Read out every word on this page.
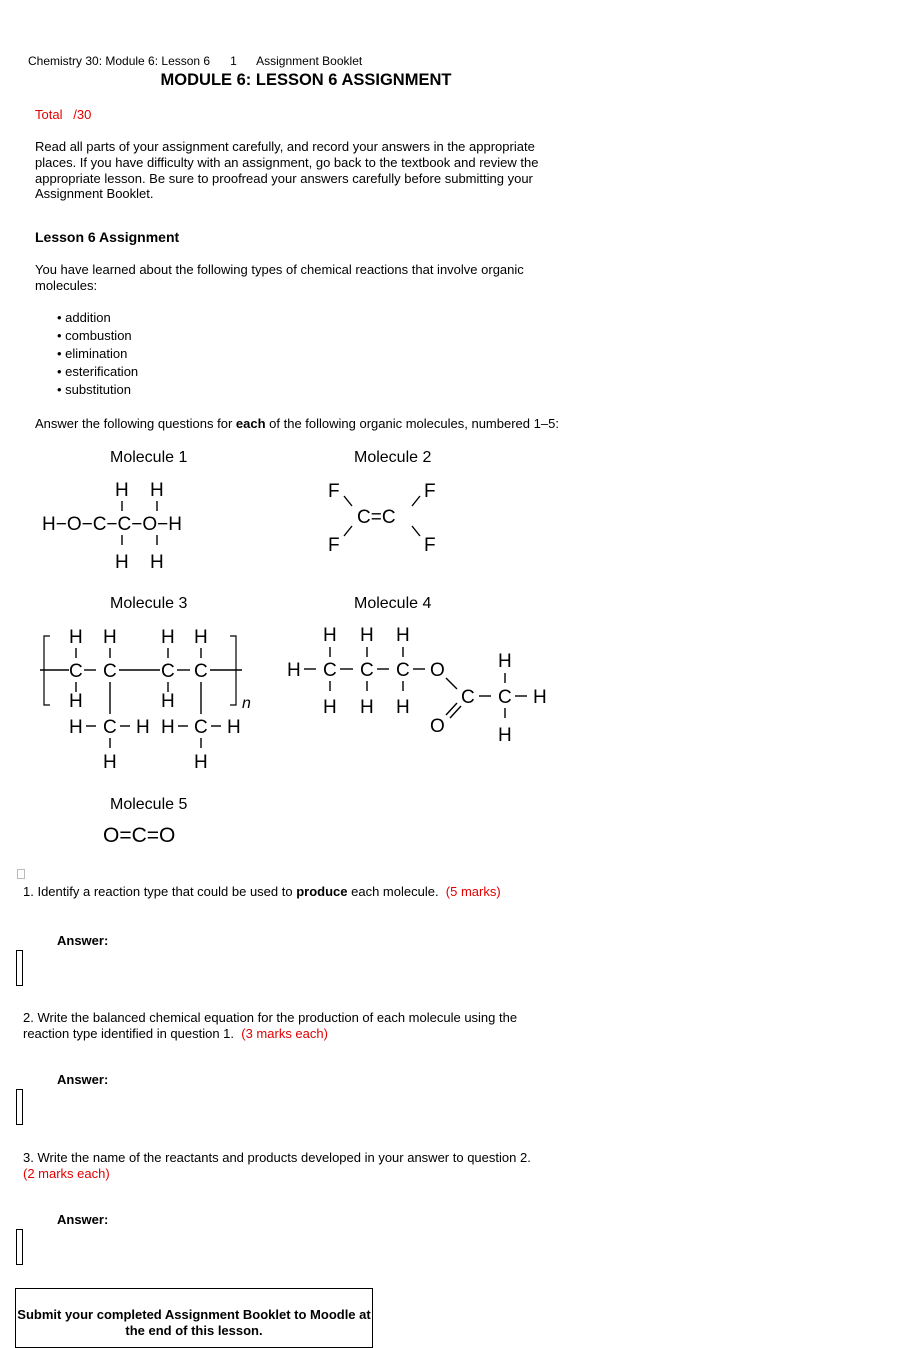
Chemistry 30: Module 6: Lesson 6 1 Assignment Booklet
MODULE 6: LESSON 6 ASSIGNMENT
Total   /30
Read all parts of your assignment carefully, and record your answers in the appropriate places. If you have difficulty with an assignment, go back to the textbook and review the appropriate lesson. Be sure to proofread your answers carefully before submitting your Assignment Booklet.
Lesson 6 Assignment
You have learned about the following types of chemical reactions that involve organic molecules:
• addition
• combustion
• elimination
• esterification
• substitution
Answer the following questions for each of the following organic molecules, numbered 1–5:
Molecule 1
H H
H−O−C−C−O−H
H H
Molecule 2
F	F
C=C
F	F
Molecule 3
n
H H H H
C C C C
H	H
H C H H C H
H	H
Molecule 4
H H H
H C C C O
H H H	C
O
C H
H
H
Molecule 5
O=C=O
1. Identify a reaction type that could be used to produce each molecule.  (5 marks)
Answer:
2. Write the balanced chemical equation for the production of each molecule using the reaction type identified in question 1.  (3 marks each)
Answer:
3. Write the name of the reactants and products developed in your answer to question 2.  (2 marks each)
Answer:
Submit your completed Assignment Booklet to Moodle at the end of this lesson.
